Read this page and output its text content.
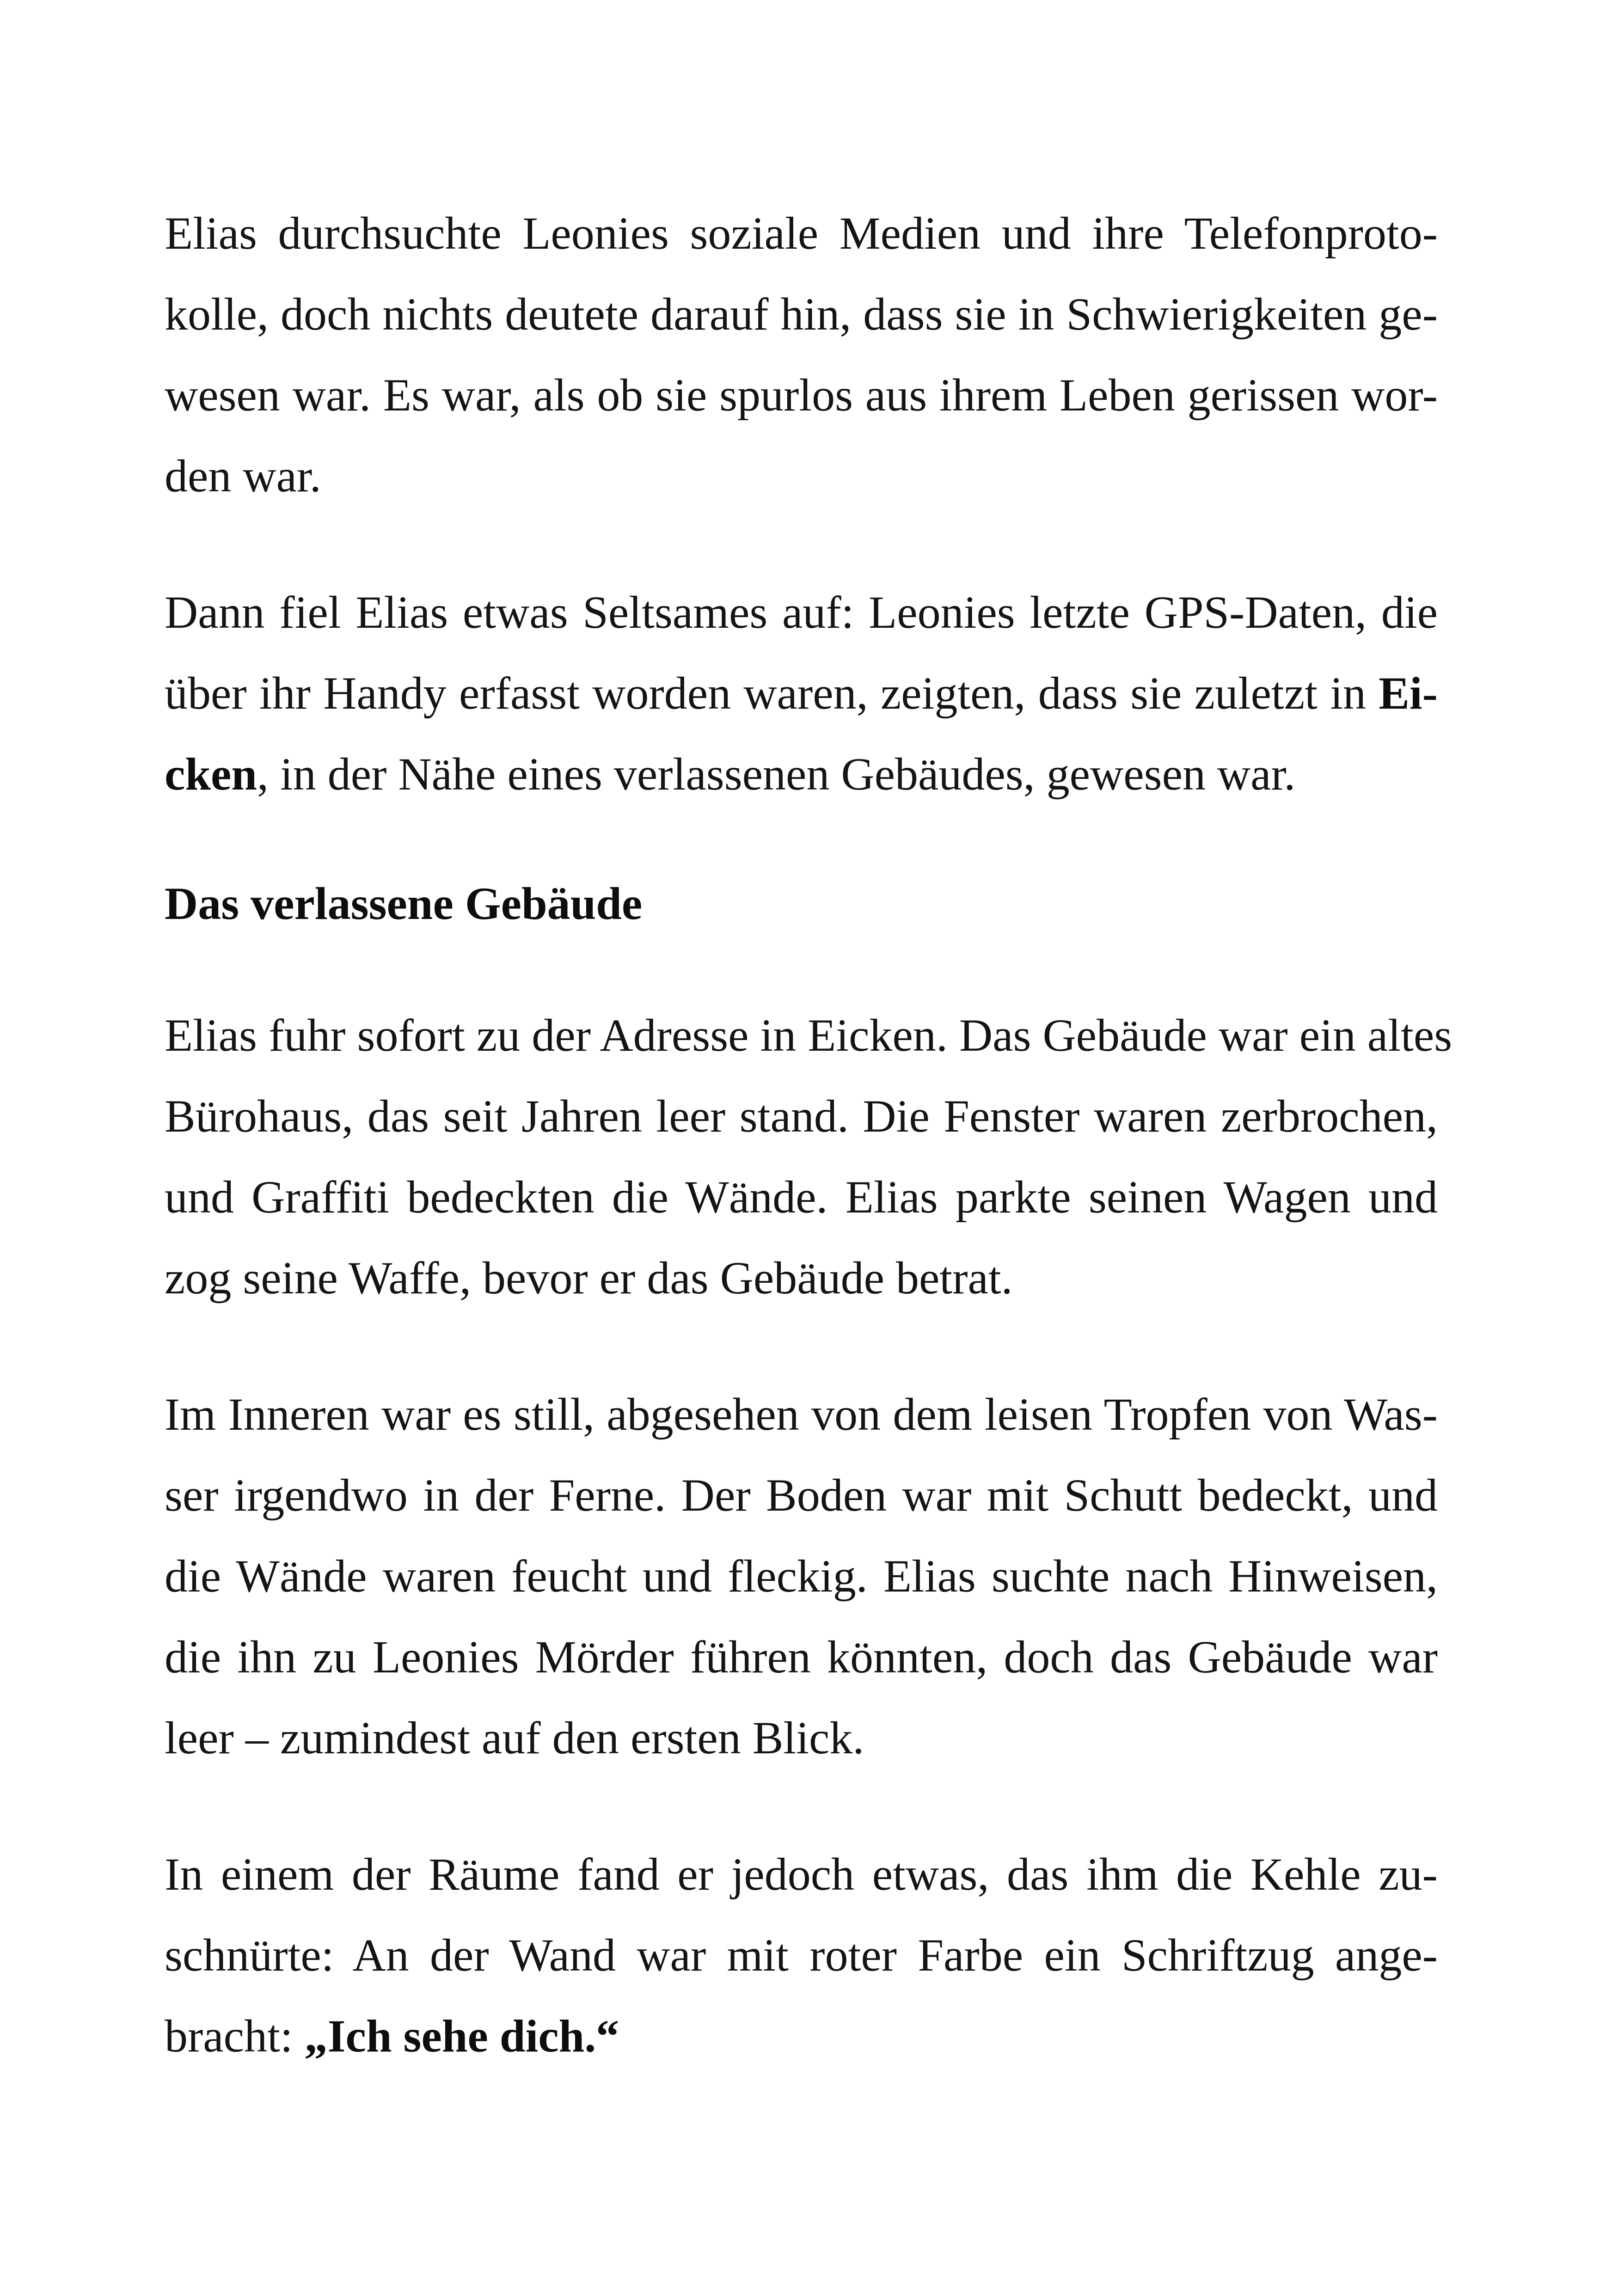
Elias durchsuchte Leonies soziale Medien und ihre Telefonproto-

kolle, doch nichts deutete darauf hin, dass sie in Schwierigkeiten ge-

wesen war. Es war, als ob sie spurlos aus ihrem Leben gerissen wor-

den war.

Dann fiel Elias etwas Seltsames auf: Leonies letzte GPS-Daten, die

über ihr Handy erfasst worden waren, zeigten, dass sie zuletzt in Ei-

cken, in der Nähe eines verlassenen Gebäudes, gewesen war.

Das verlassene Gebäude

Elias fuhr sofort zu der Adresse in Eicken. Das Gebäude war ein altes

Bürohaus, das seit Jahren leer stand. Die Fenster waren zerbrochen,

und Graffiti bedeckten die Wände. Elias parkte seinen Wagen und

zog seine Waffe, bevor er das Gebäude betrat.

Im Inneren war es still, abgesehen von dem leisen Tropfen von Was-

ser irgendwo in der Ferne. Der Boden war mit Schutt bedeckt, und

die Wände waren feucht und fleckig. Elias suchte nach Hinweisen,

die ihn zu Leonies Mörder führen könnten, doch das Gebäude war

leer – zumindest auf den ersten Blick.

In einem der Räume fand er jedoch etwas, das ihm die Kehle zu-

schnürte: An der Wand war mit roter Farbe ein Schriftzug ange-

bracht: „Ich sehe dich.“
